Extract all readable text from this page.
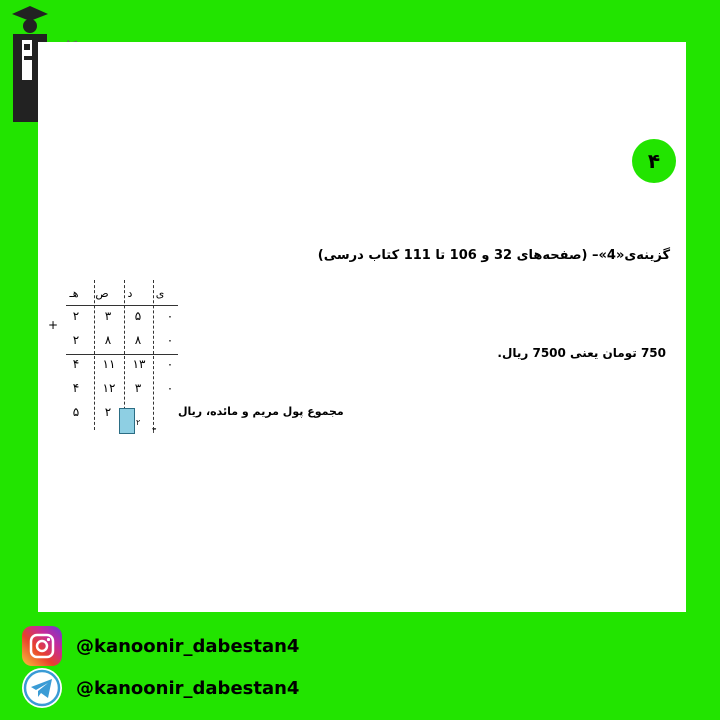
۴
گزینه‌ی«4»– (صفحه‌های 32 و 106 تا 111 کتاب درسی)
750 تومان یعنی 7500 ریال.
ی
د
ص
هـ
+
۰
۵
۳
۲
۰
۸
۸
۲
۰
۱۳
۱۱
۴
۰
۳
۱۲
۴
۲
۵
۲
۳
مجموع پول مریم و مائده، ریال
@kanoonir_dabestan4
@kanoonir_dabestan4
